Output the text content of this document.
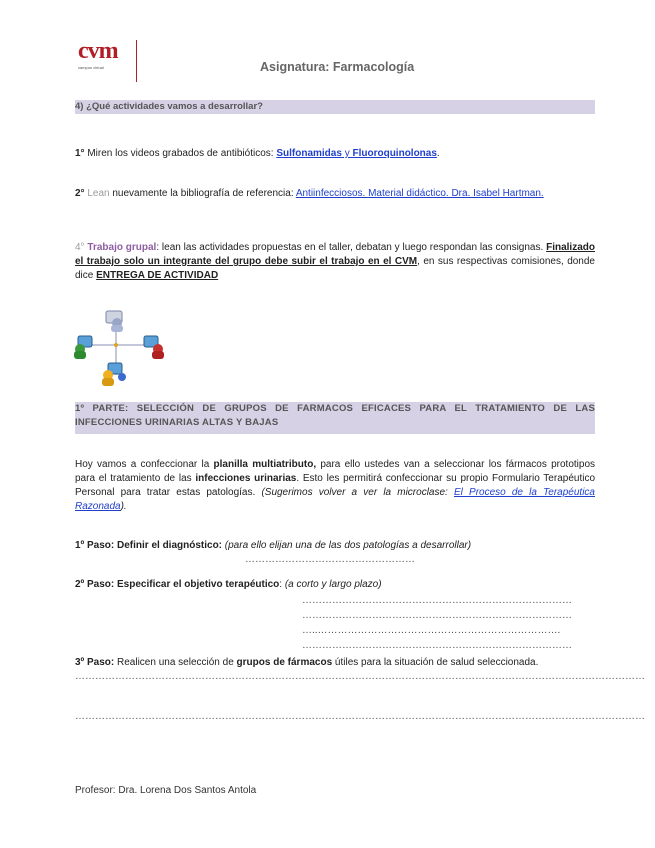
cvm
campus virtual	Asignatura: Farmacología
4) ¿Qué actividades vamos a desarrollar?
1° Miren los videos grabados de antibióticos: Sulfonamidas y Fluoroquinolonas.
2° Lean nuevamente la bibliografía de referencia: Antiinfecciosos. Material didáctico. Dra. Isabel Hartman.
4° Trabajo grupal: lean las actividades propuestas en el taller, debatan y luego respondan las consignas. Finalizado el trabajo solo un integrante del grupo debe subir el trabajo en el CVM, en sus respectivas comisiones, donde dice ENTREGA DE ACTIVIDAD
1º PARTE: SELECCIÓN DE GRUPOS DE FARMACOS EFICACES PARA EL TRATAMIENTO DE LAS INFECCIONES URINARIAS ALTAS Y BAJAS
Hoy vamos a confeccionar la planilla multiatributo, para ello ustedes van a seleccionar los fármacos prototipos para el tratamiento de las infecciones urinarias. Esto les permitirá confeccionar su propio Formulario Terapéutico Personal para tratar estas patologías. (Sugerimos volver a ver la microclase: El Proceso de la Terapéutica Razonada).
1º Paso: Definir el diagnóstico: (para ello elijan una de las dos patologías a desarrollar)
……………………………………………
2º Paso: Especificar el objetivo terapéutico: (a corto y largo plazo)
………………………………………………………………………
………………………………………………………………………
…..……………………………………………………………….
………………………………………………………………………
3º Paso: Realicen una selección de grupos de fármacos útiles para la situación de salud seleccionada.
………………………………………………………………………………………………………………………………………………………
………………………………………………………………………………………………………………………………………………………
Profesor: Dra. Lorena Dos Santos Antola
